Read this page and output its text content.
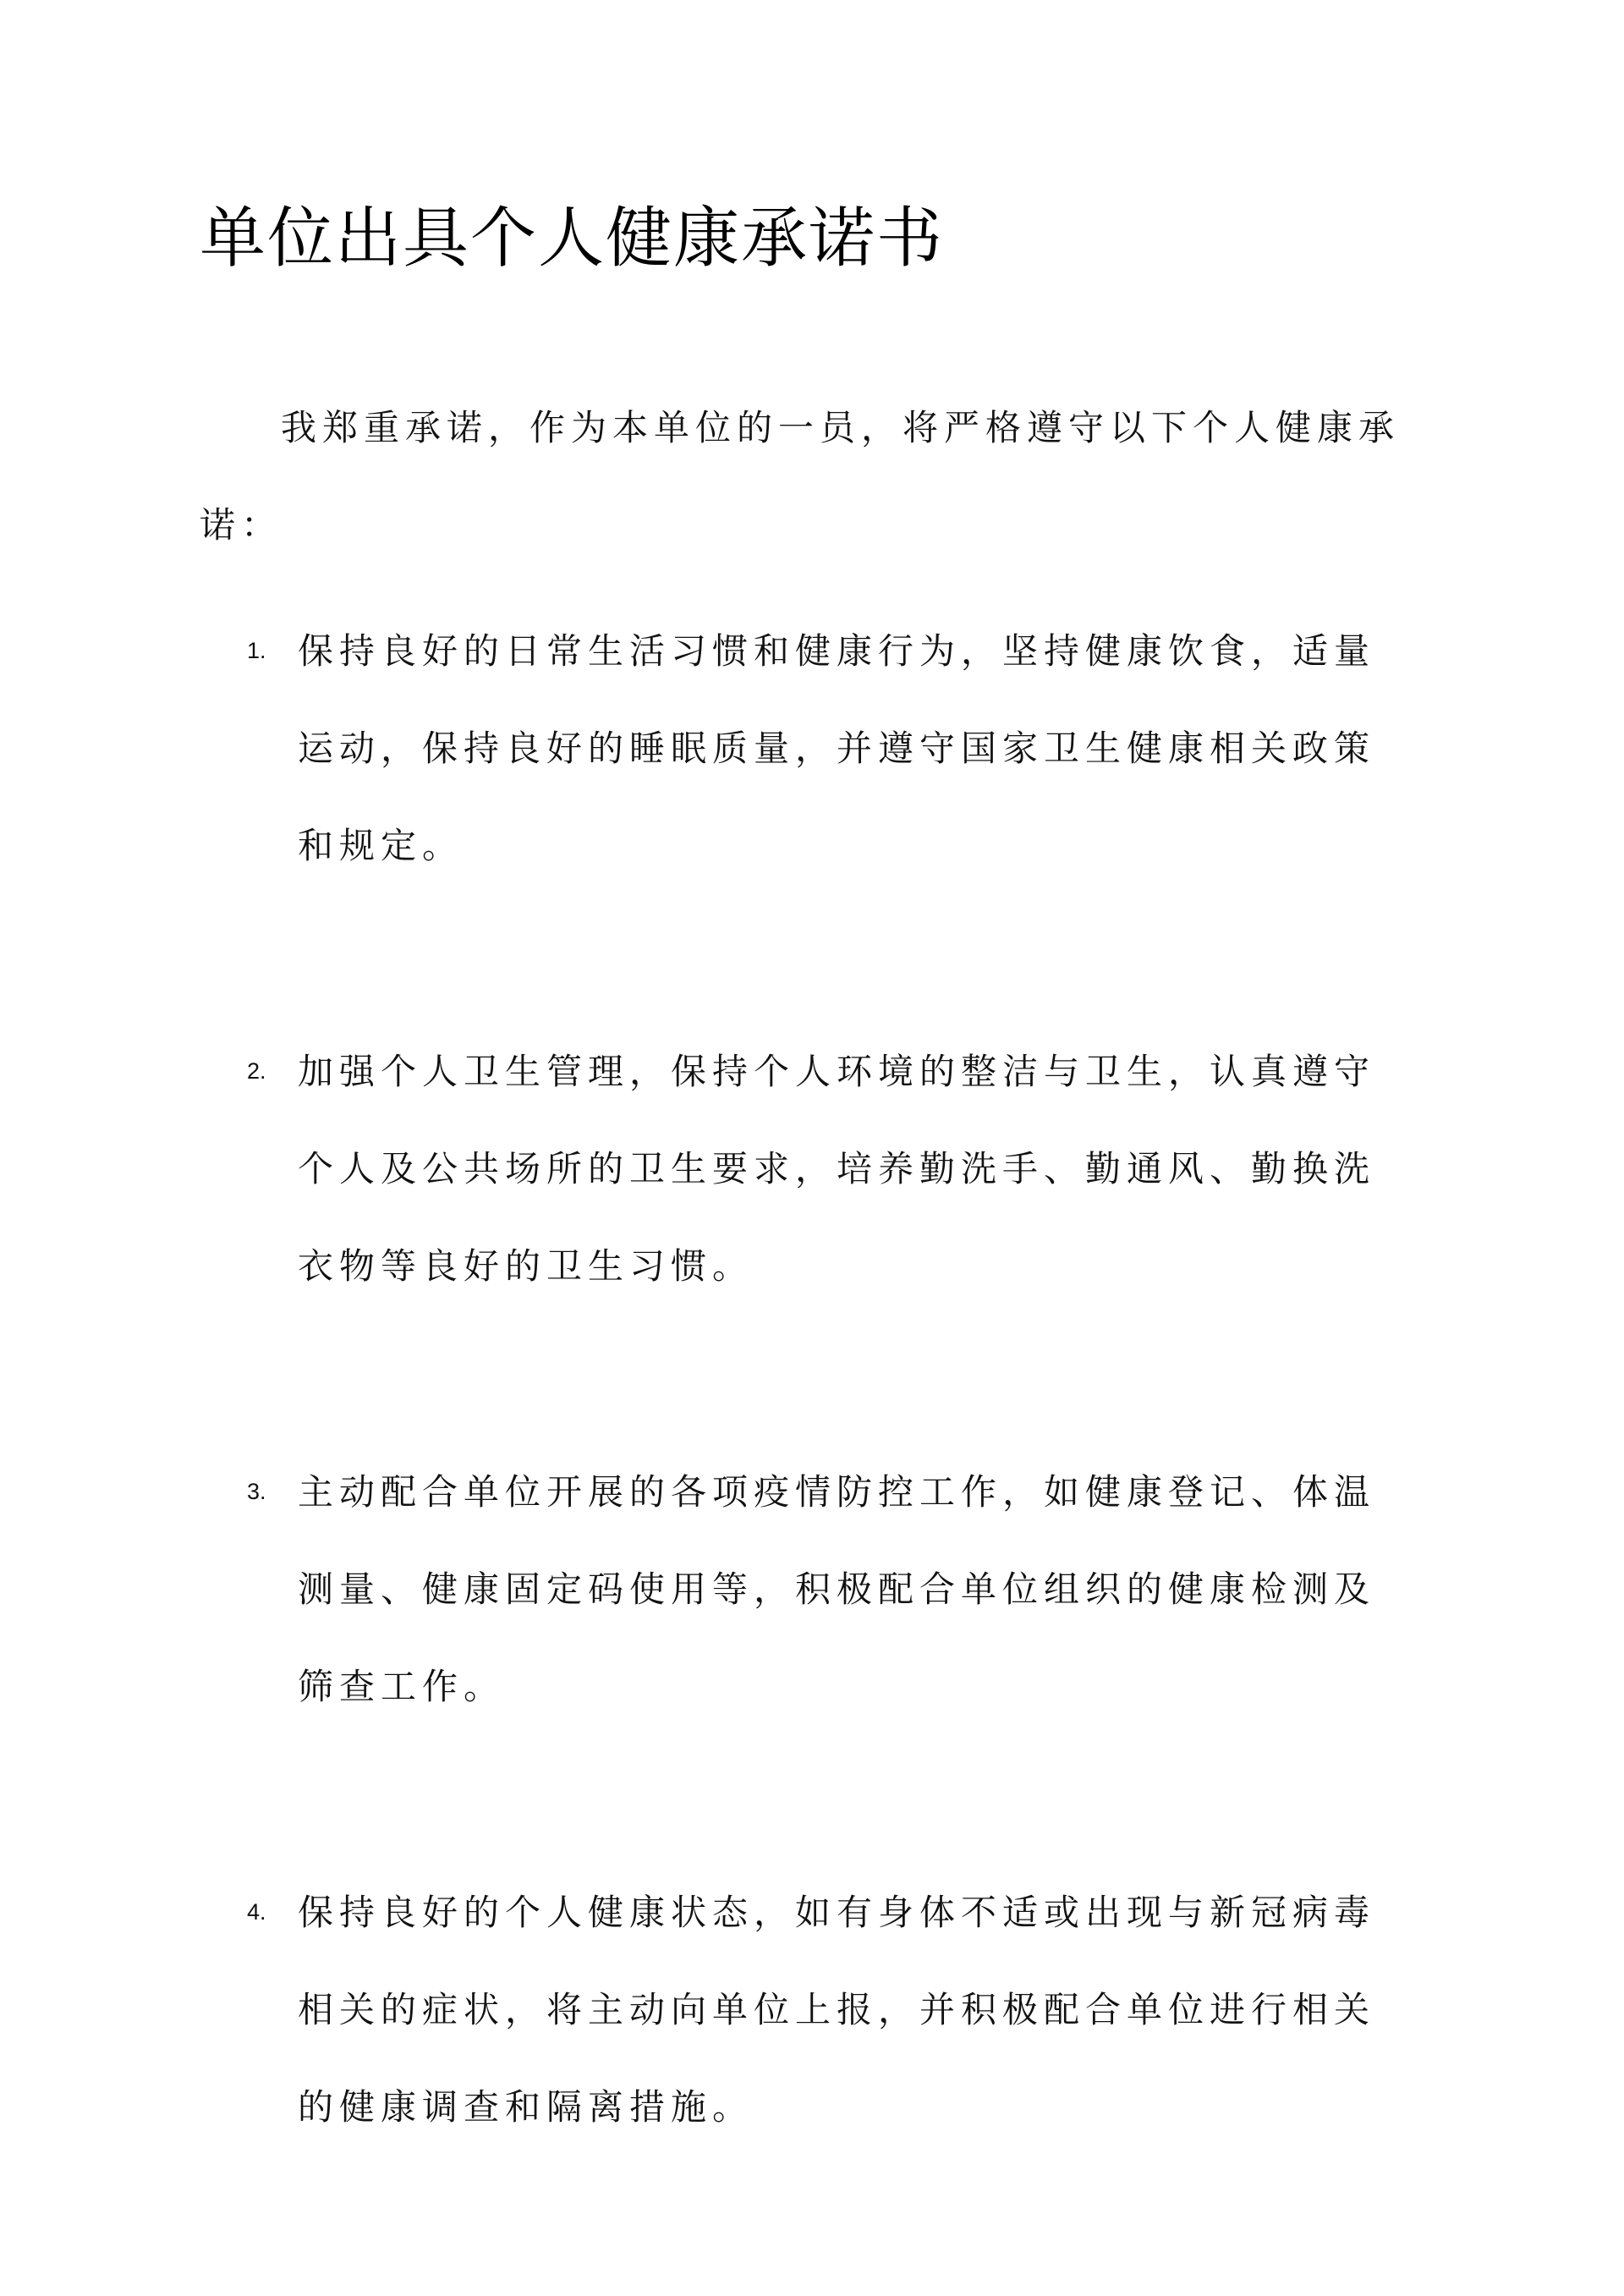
单位出具个人健康承诺书

我郑重承诺，作为本单位的一员，将严格遵守以下个人健康承诺：

1. 保持良好的日常生活习惯和健康行为，坚持健康饮食，适量运动，保持良好的睡眠质量，并遵守国家卫生健康相关政策和规定。
2. 加强个人卫生管理，保持个人环境的整洁与卫生，认真遵守个人及公共场所的卫生要求，培养勤洗手、勤通风、勤换洗衣物等良好的卫生习惯。
3. 主动配合单位开展的各项疫情防控工作，如健康登记、体温测量、健康固定码使用等，积极配合单位组织的健康检测及筛查工作。
4. 保持良好的个人健康状态，如有身体不适或出现与新冠病毒相关的症状，将主动向单位上报，并积极配合单位进行相关的健康调查和隔离措施。
